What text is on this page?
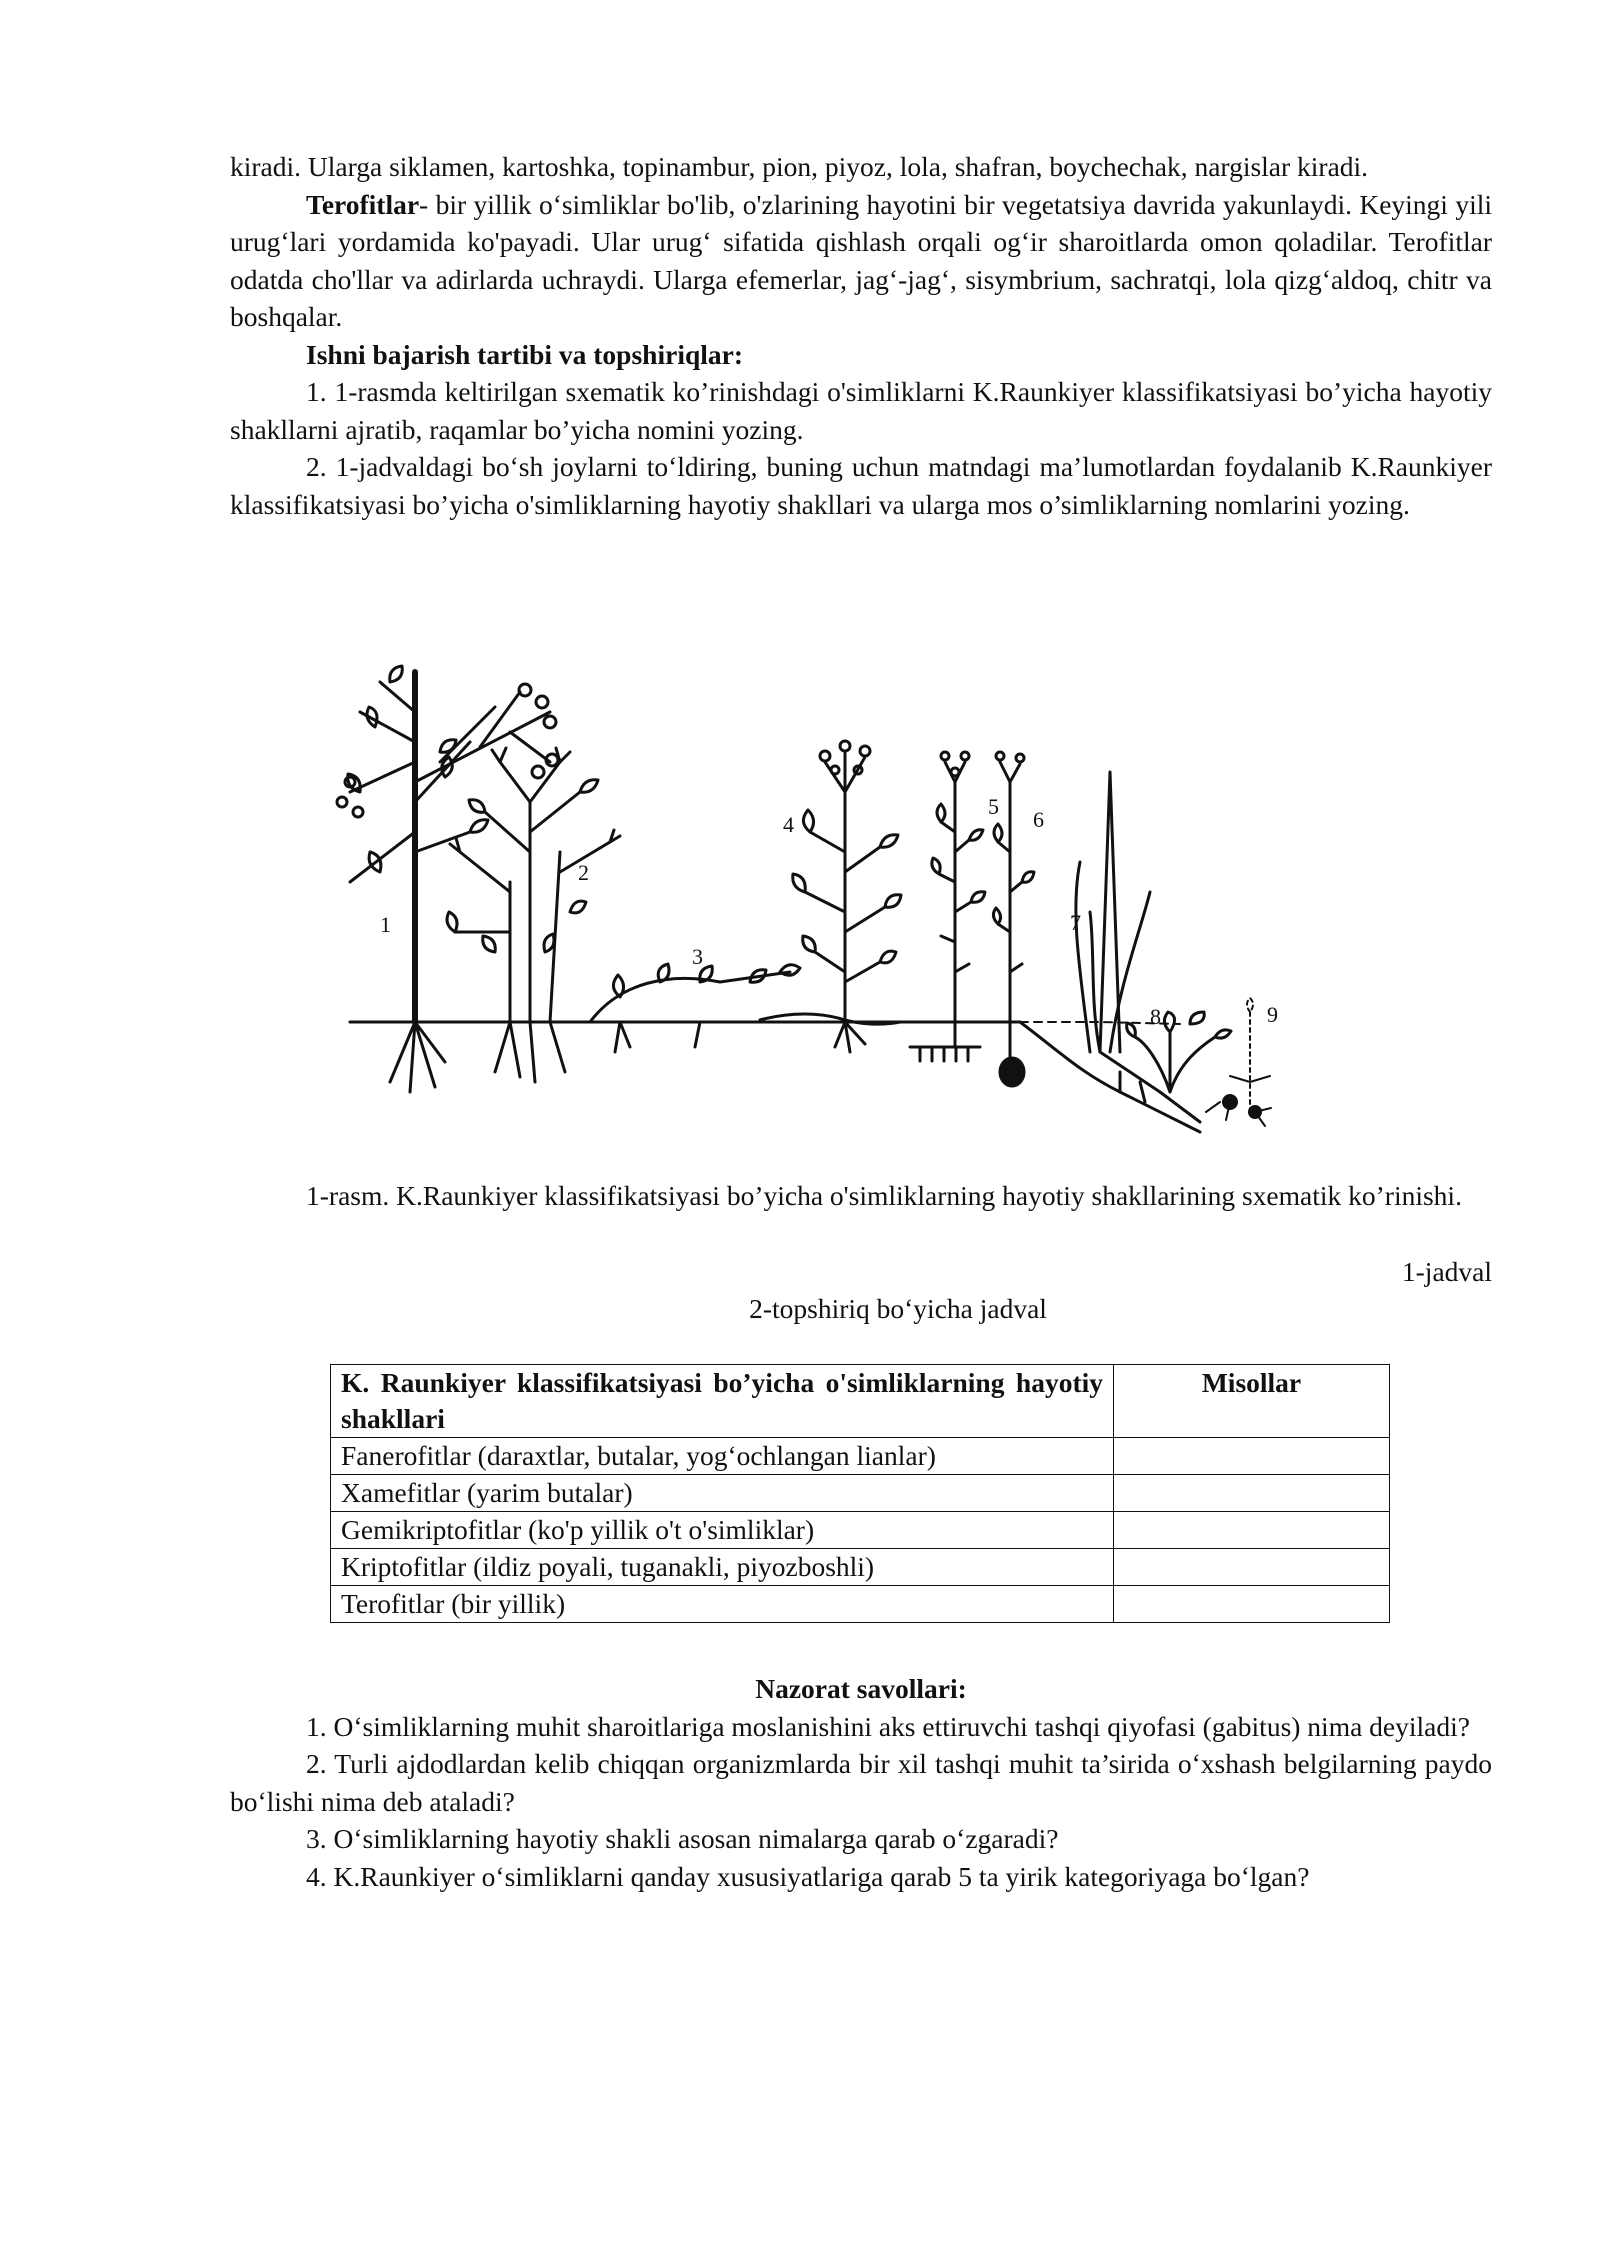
kiradi. Ularga siklamen, kartoshka, topinambur, pion, piyoz, lola, shafran, boychechak, nargislar kiradi.

Terofitlar- bir yillik o‘simliklar bo'lib, o'zlarining hayotini bir vegetatsiya davrida yakunlaydi. Keyingi yili urug‘lari yordamida ko'payadi. Ular urug‘ sifatida qishlash orqali og‘ir sharoitlarda omon qoladilar. Terofitlar odatda cho'llar va adirlarda uchraydi. Ularga efemerlar, jag‘-jag‘, sisymbrium, sachratqi, lola qizg‘aldoq, chitr va boshqalar.

Ishni bajarish tartibi va topshiriqlar:

1. 1-rasmda keltirilgan sxematik ko’rinishdagi o'simliklarni K.Raunkiyer klassifikatsiyasi bo’yicha hayotiy shakllarni ajratib, raqamlar bo’yicha nomini yozing.

2. 1-jadvaldagi bo‘sh joylarni to‘ldiring, buning uchun matndagi ma’lumotlardan foydalanib K.Raunkiyer klassifikatsiyasi bo’yicha o'simliklarning hayotiy shakllari va ularga mos o’simliklarning nomlarini yozing.

1
2
3
4
5
6
7
8	9

1-rasm. K.Raunkiyer klassifikatsiyasi bo’yicha o'simliklarning hayotiy shakllarining sxematik ko’rinishi.

1-jadval
2-topshiriq bo‘yicha jadval
K. Raunkiyer klassifikatsiyasi bo’yicha o'simliklarning hayotiy shakllari	Misollar
Fanerofitlar (daraxtlar, butalar, yog‘ochlangan lianlar)	
Xamefitlar (yarim butalar)	
Gemikriptofitlar (ko'p yillik o't o'simliklar)	
Kriptofitlar (ildiz poyali, tuganakli, piyozboshli)	
Terofitlar (bir yillik)	

Nazorat savollari:

1. O‘simliklarning muhit sharoitlariga moslanishini aks ettiruvchi tashqi qiyofasi (gabitus) nima deyiladi?

2. Turli ajdodlardan kelib chiqqan organizmlarda bir xil tashqi muhit ta’sirida o‘xshash belgilarning paydo bo‘lishi nima deb ataladi?

3. O‘simliklarning hayotiy shakli asosan nimalarga qarab o‘zgaradi?

4. K.Raunkiyer o‘simliklarni qanday xususiyatlariga qarab 5 ta yirik kategoriyaga bo‘lgan?
